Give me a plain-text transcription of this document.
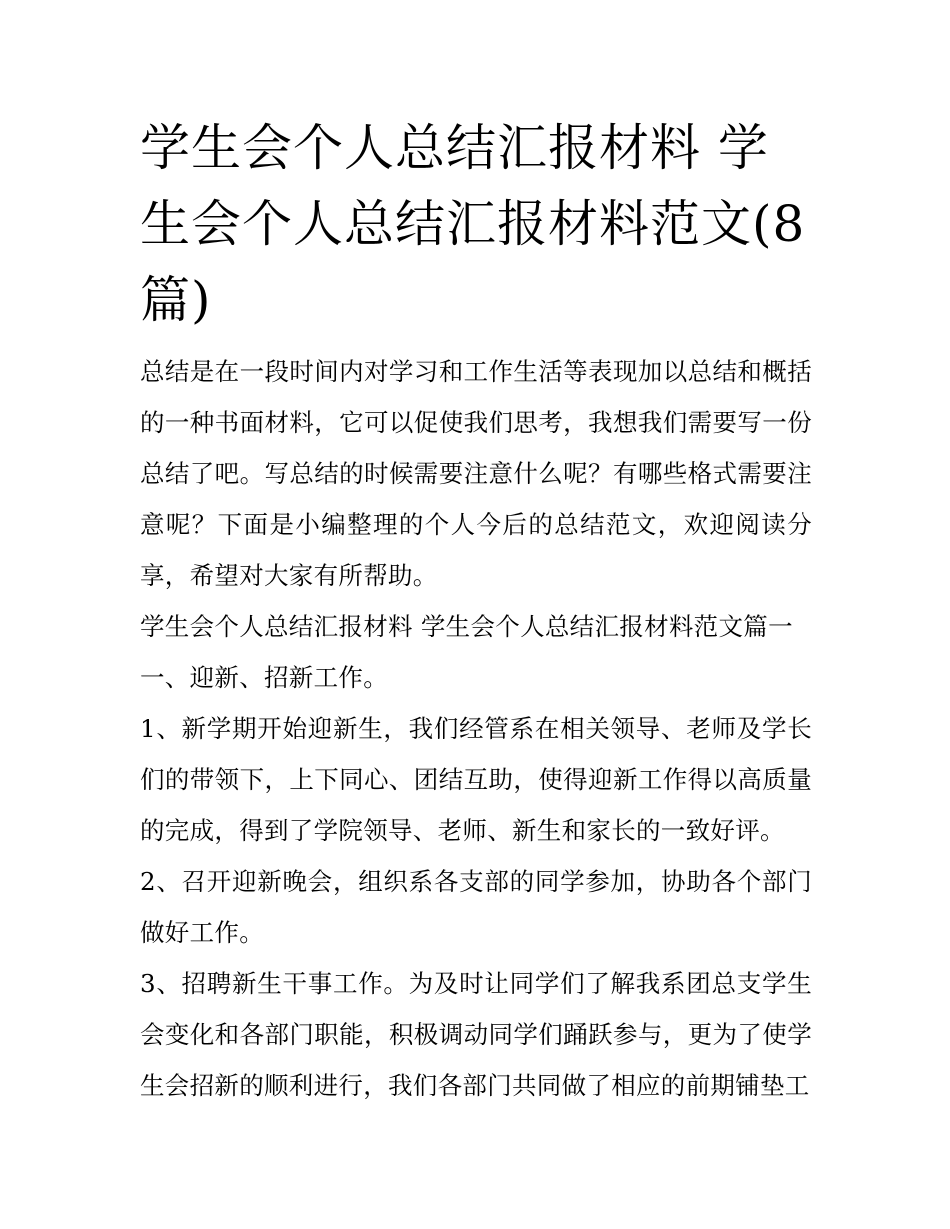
学生会个人总结汇报材料 学生会个人总结汇报材料范文(8篇)

总结是在一段时间内对学习和工作生活等表现加以总结和概括的一种书面材料，它可以促使我们思考，我想我们需要写一份总结了吧。写总结的时候需要注意什么呢？有哪些格式需要注意呢？下面是小编整理的个人今后的总结范文，欢迎阅读分享，希望对大家有所帮助。

学生会个人总结汇报材料 学生会个人总结汇报材料范文篇一

一、迎新、招新工作。

1、新学期开始迎新生，我们经管系在相关领导、老师及学长们的带领下，上下同心、团结互助，使得迎新工作得以高质量的完成，得到了学院领导、老师、新生和家长的一致好评。

2、召开迎新晚会，组织系各支部的同学参加，协助各个部门做好工作。

3、招聘新生干事工作。为及时让同学们了解我系团总支学生会变化和各部门职能，积极调动同学们踊跃参与，更为了使学生会招新的顺利进行，我们各部门共同做了相应的前期铺垫工
